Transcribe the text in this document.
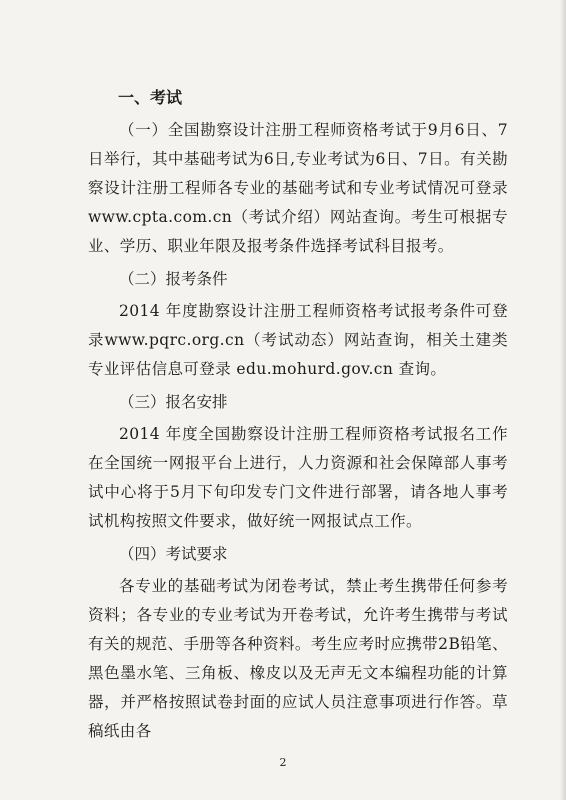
一、考试

（一）全国勘察设计注册工程师资格考试于9月6日、7日举行，其中基础考试为6日,专业考试为6日、7日。有关勘察设计注册工程师各专业的基础考试和专业考试情况可登录www.cpta.com.cn（考试介绍）网站查询。考生可根据专业、学历、职业年限及报考条件选择考试科目报考。

（二）报考条件

2014 年度勘察设计注册工程师资格考试报考条件可登录www.pqrc.org.cn（考试动态）网站查询，相关土建类专业评估信息可登录 edu.mohurd.gov.cn 查询。

（三）报名安排

2014 年度全国勘察设计注册工程师资格考试报名工作在全国统一网报平台上进行，人力资源和社会保障部人事考试中心将于5月下旬印发专门文件进行部署，请各地人事考试机构按照文件要求，做好统一网报试点工作。

（四）考试要求

各专业的基础考试为闭卷考试，禁止考生携带任何参考资料；各专业的专业考试为开卷考试，允许考生携带与考试有关的规范、手册等各种资料。考生应考时应携带2B铅笔、黑色墨水笔、三角板、橡皮以及无声无文本编程功能的计算器，并严格按照试卷封面的应试人员注意事项进行作答。草稿纸由各

2
